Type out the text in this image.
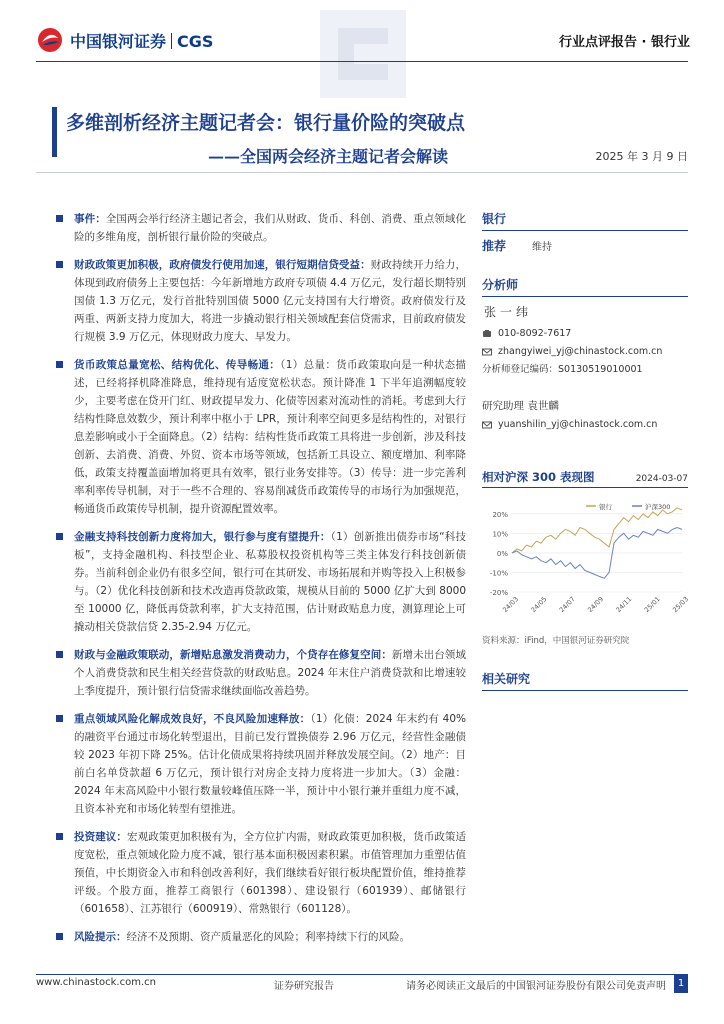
中国银河证券 CGS	行业点评报告 · 银行业
多维剖析经济主题记者会：银行量价险的突破点
——全国两会经济主题记者会解读	2025 年 3 月 9 日
事件：全国两会举行经济主题记者会，我们从财政、货币、科创、消费、重点领域化险的多维角度，剖析银行量价险的突破点。
财政政策更加积极，政府债发行使用加速，银行短期信贷受益：财政持续开力给力，体现到政府债务上主要包括：今年新增地方政府专项债 4.4 万亿元，发行超长期特别国债 1.3 万亿元，发行首批特别国债 5000 亿元支持国有大行增资。政府债发行及两重、两新支持力度加大，将进一步撬动银行相关领域配套信贷需求，目前政府债发行规模 3.9 万亿元，体现财政力度大、早发力。
货币政策总量宽松、结构优化、传导畅通：（1）总量：货币政策取向是一种状态描述，已经将择机降准降息，维持现有适度宽松状态。预计降准 1 下半年追溯幅度较少，主要考虑在贷开门红、财政提早发力、化债等因素对流动性的消耗。考虑到大行结构性降息效数少，预计利率中枢小于 LPR，预计利率空间更多是结构性的，对银行息差影响或小于全面降息。（2）结构：结构性货币政策工具将进一步创新，涉及科技创新、去消费、消费、外贸、资本市场等领域，包括新工具设立、额度增加、利率降低，政策支持覆盖面增加将更具有效率，银行业务安排等。（3）传导：进一步完善利率利率传导机制，对于一些不合理的、容易削减货币政策传导的市场行为加强规范，畅通货币政策传导机制，提升资源配置效率。
金融支持科技创新力度将加大，银行参与度有望提升：（1）创新推出债券市场“科技板”，支持金融机构、科技型企业、私募股权投资机构等三类主体发行科技创新债券。当前科创企业仍有很多空间，银行可在其研发、市场拓展和并购等投入上积极参与。（2）优化科技创新和技术改造再贷款政策，规模从目前的 5000 亿扩大到 8000 至 10000 亿，降低再贷款利率，扩大支持范围，估计财政贴息力度，测算理论上可撬动相关贷款信贷 2.35-2.94 万亿元。
财政与金融政策联动，新增贴息激发消费动力，个贷存在修复空间：新增未出台领域个人消费贷款和民生相关经营贷款的财政贴息。2024 年末住户消费贷款和比增速较上季度提升，预计银行信贷需求继续面临改善趋势。
重点领域风险化解成效良好，不良风险加速释放：（1）化债：2024 年末约有 40%的融资平台通过市场化转型退出，目前已发行置换债券 2.96 万亿元，经营性金融债较 2023 年初下降 25%。估计化债成果将持续巩固并释放发展空间。（2）地产：目前白名单贷款超 6 万亿元，预计银行对房企支持力度将进一步加大。（3）金融：2024 年末高风险中小银行数量较峰值压降一半，预计中小银行兼并重组力度不减，且资本补充和市场化转型有望推进。
投资建议：宏观政策更加积极有为，全方位扩内需，财政政策更加积极，货币政策适度宽松，重点领域化险力度不减，银行基本面积极因素积累。市值管理加力重塑估值预值，中长期资金入市和科创改善利好，我们继续看好银行板块配置价值，维持推荐评级。个股方面，推荐工商银行（601398）、建设银行（601939）、邮储银行（601658）、江苏银行（600919）、常熟银行（601128）。
风险提示：经济不及预期、资产质量恶化的风险；利率持续下行的风险。
银行
推荐	维持
分析师
张一纬
010-8092-7617
zhangyiwei_yj@chinastock.com.cn
分析师登记编码：S0130519010001
研究助理 袁世麟
yuanshilin_yj@chinastock.com.cn
相对沪深 300 表现图	2024-03-07
20%
10%
0%
-10%
-20%
24/03 24/05 24/07 24/09 24/11 25/01 25/03
银行	沪深300
资料来源：iFind，中国银河证券研究院
相关研究
www.chinastock.com.cn	证券研究报告	请务必阅读正文最后的中国银河证券股份有限公司免责声明	1
